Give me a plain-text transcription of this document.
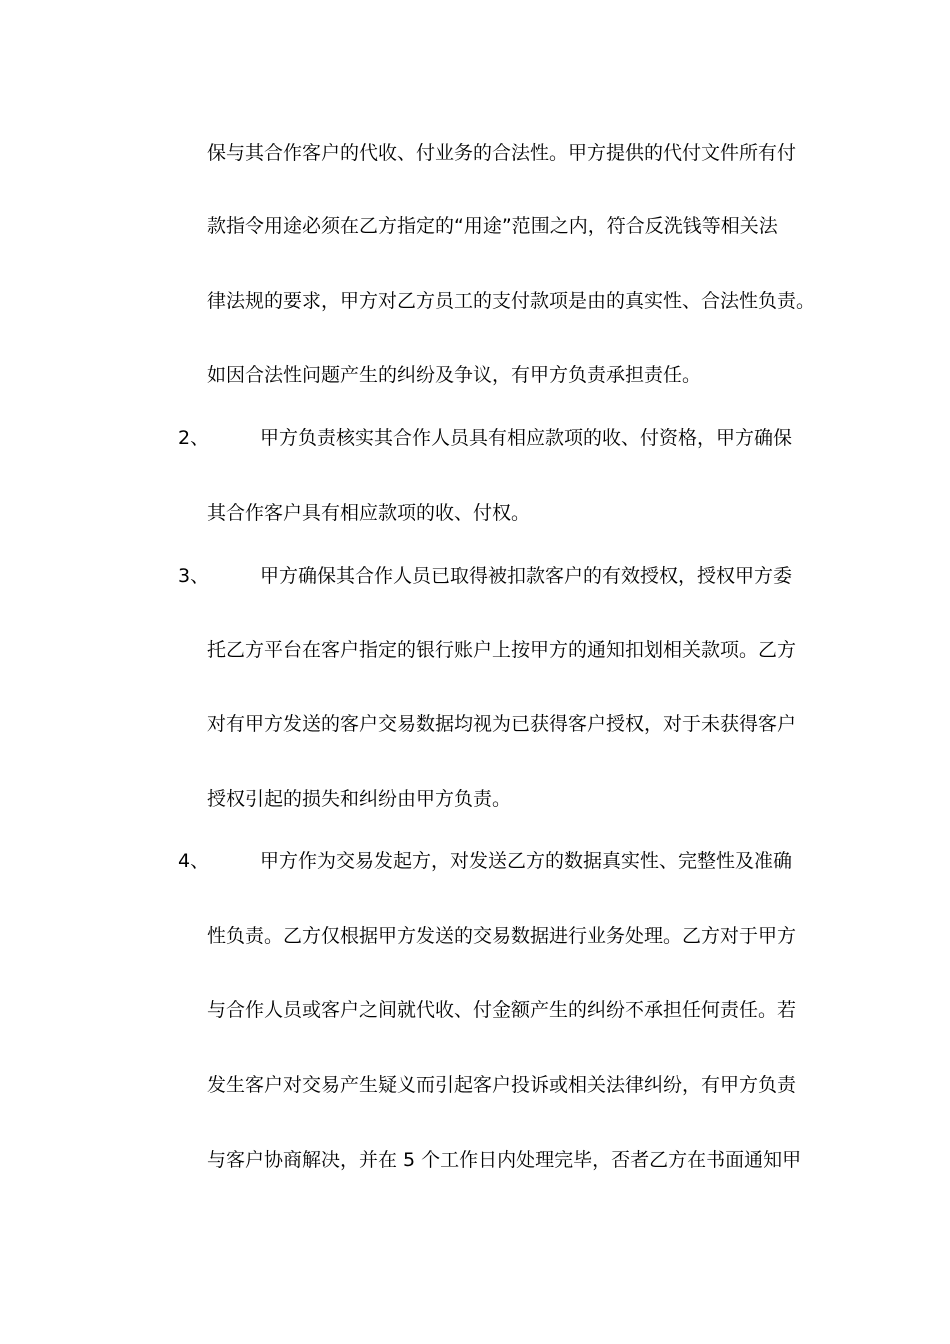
保与其合作客户的代收、付业务的合法性。甲方提供的代付文件所有付
款指令用途必须在乙方指定的“用途”范围之内，符合反洗钱等相关法
律法规的要求，甲方对乙方员工的支付款项是由的真实性、合法性负责。
如因合法性问题产生的纠纷及争议，有甲方负责承担责任。
2、	甲方负责核实其合作人员具有相应款项的收、付资格，甲方确保
其合作客户具有相应款项的收、付权。
3、	甲方确保其合作人员已取得被扣款客户的有效授权，授权甲方委
托乙方平台在客户指定的银行账户上按甲方的通知扣划相关款项。乙方
对有甲方发送的客户交易数据均视为已获得客户授权，对于未获得客户
授权引起的损失和纠纷由甲方负责。
4、	甲方作为交易发起方，对发送乙方的数据真实性、完整性及准确
性负责。乙方仅根据甲方发送的交易数据进行业务处理。乙方对于甲方
与合作人员或客户之间就代收、付金额产生的纠纷不承担任何责任。若
发生客户对交易产生疑义而引起客户投诉或相关法律纠纷，有甲方负责
与客户协商解决，并在 5 个工作日内处理完毕，否者乙方在书面通知甲
